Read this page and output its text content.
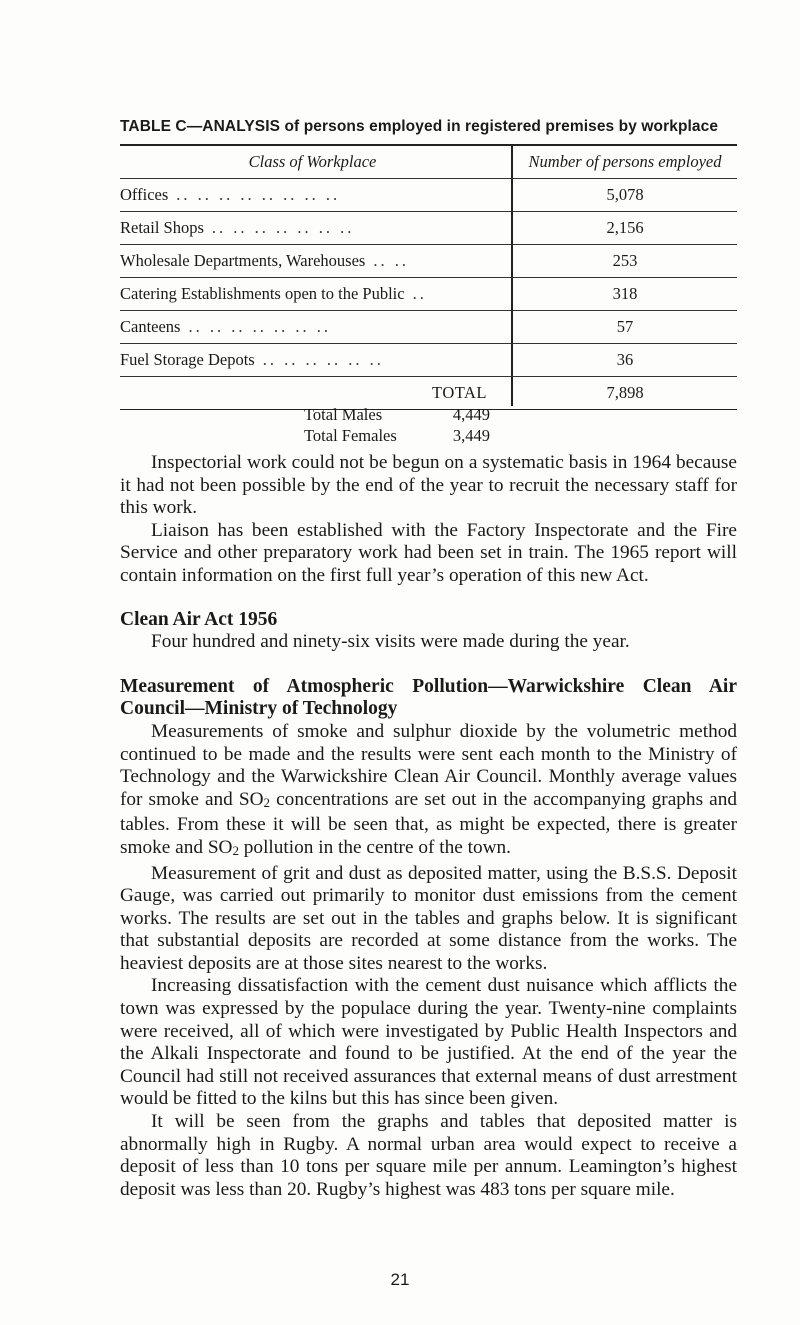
TABLE C—ANALYSIS of persons employed in registered premises by workplace
Class of Workplace	Number of persons employed
Offices .. .. .. .. .. .. .. ..	5,078
Retail Shops .. .. .. .. .. .. ..	2,156
Wholesale Departments, Warehouses .. ..	253
Catering Establishments open to the Public ..	318
Canteens .. .. .. .. .. .. ..	57
Fuel Storage Depots .. .. .. .. .. ..	36
TOTAL	7,898
Total Males	4,449
Total Females	3,449

Inspectorial work could not be begun on a systematic basis in 1964 because it had not been possible by the end of the year to recruit the necessary staff for this work.

Liaison has been established with the Factory Inspectorate and the Fire Service and other preparatory work had been set in train. The 1965 report will contain information on the first full year’s operation of this new Act.

Clean Air Act 1956

Four hundred and ninety-six visits were made during the year.

Measurement of Atmospheric Pollution—Warwickshire Clean Air Council—Ministry of Technology

Measurements of smoke and sulphur dioxide by the volumetric method continued to be made and the results were sent each month to the Ministry of Technology and the Warwickshire Clean Air Council. Monthly average values for smoke and $SO_2$ concentrations are set out in the accompanying graphs and tables. From these it will be seen that, as might be expected, there is greater smoke and $SO_2$ pollution in the centre of the town.

Measurement of grit and dust as deposited matter, using the B.S.S. Deposit Gauge, was carried out primarily to monitor dust emissions from the cement works. The results are set out in the tables and graphs below. It is significant that substantial deposits are recorded at some distance from the works. The heaviest deposits are at those sites nearest to the works.

Increasing dissatisfaction with the cement dust nuisance which afflicts the town was expressed by the populace during the year. Twenty-nine complaints were received, all of which were investigated by Public Health Inspectors and the Alkali Inspectorate and found to be justified. At the end of the year the Council had still not received assurances that external means of dust arrestment would be fitted to the kilns but this has since been given.

It will be seen from the graphs and tables that deposited matter is abnormally high in Rugby. A normal urban area would expect to receive a deposit of less than 10 tons per square mile per annum. Leamington’s highest deposit was less than 20. Rugby’s highest was 483 tons per square mile.

21
